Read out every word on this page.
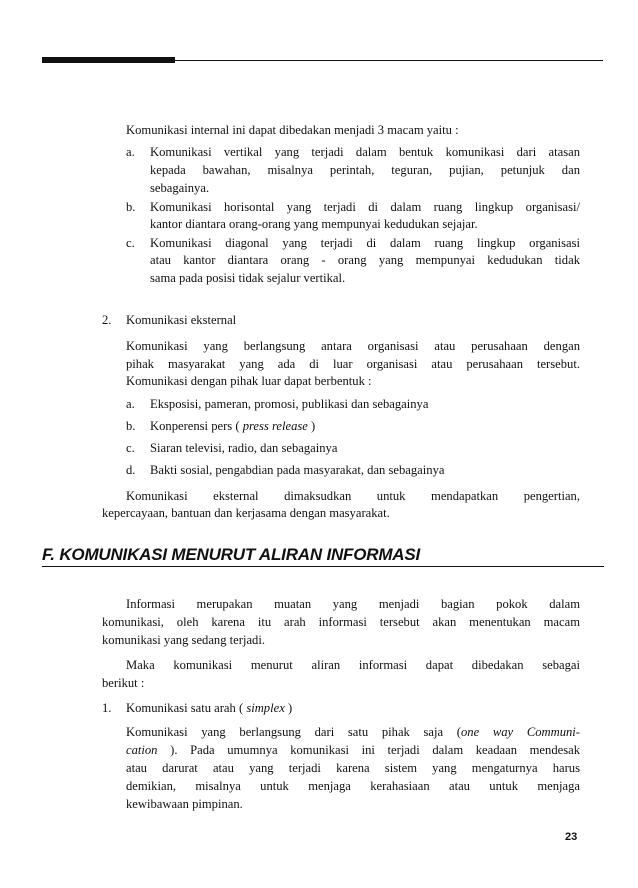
Komunikasi internal ini dapat dibedakan menjadi 3 macam yaitu :
a. Komunikasi vertikal yang terjadi dalam bentuk komunikasi dari atasan
kepada bawahan, misalnya perintah, teguran, pujian, petunjuk dan
sebagainya.
b. Komunikasi horisontal yang terjadi di dalam ruang lingkup organisasi/
kantor diantara orang-orang yang mempunyai kedudukan sejajar.
c. Komunikasi diagonal yang terjadi di dalam ruang lingkup organisasi
atau kantor diantara orang - orang yang mempunyai kedudukan tidak
sama pada posisi tidak sejalur vertikal.
2. Komunikasi eksternal
Komunikasi yang berlangsung antara organisasi atau perusahaan dengan
pihak masyarakat yang ada di luar organisasi atau perusahaan tersebut.
Komunikasi dengan pihak luar dapat berbentuk :
a. Eksposisi, pameran, promosi, publikasi dan sebagainya
b. Konperensi pers ( press release )
c. Siaran televisi, radio, dan sebagainya
d. Bakti sosial, pengabdian pada masyarakat, dan sebagainya
Komunikasi eksternal dimaksudkan untuk mendapatkan pengertian,
kepercayaan, bantuan dan kerjasama dengan masyarakat.
F. KOMUNIKASI MENURUT ALIRAN INFORMASI
Informasi merupakan muatan yang menjadi bagian pokok dalam
komunikasi, oleh karena itu arah informasi tersebut akan menentukan macam
komunikasi yang sedang terjadi.
Maka komunikasi menurut aliran informasi dapat dibedakan sebagai
berikut :
1. Komunikasi satu arah ( simplex )
Komunikasi yang berlangsung dari satu pihak saja (one way Communi-
cation ). Pada umumnya komunikasi ini terjadi dalam keadaan mendesak
atau darurat atau yang terjadi karena sistem yang mengaturnya harus
demikian, misalnya untuk menjaga kerahasiaan atau untuk menjaga
kewibawaan pimpinan.
23
